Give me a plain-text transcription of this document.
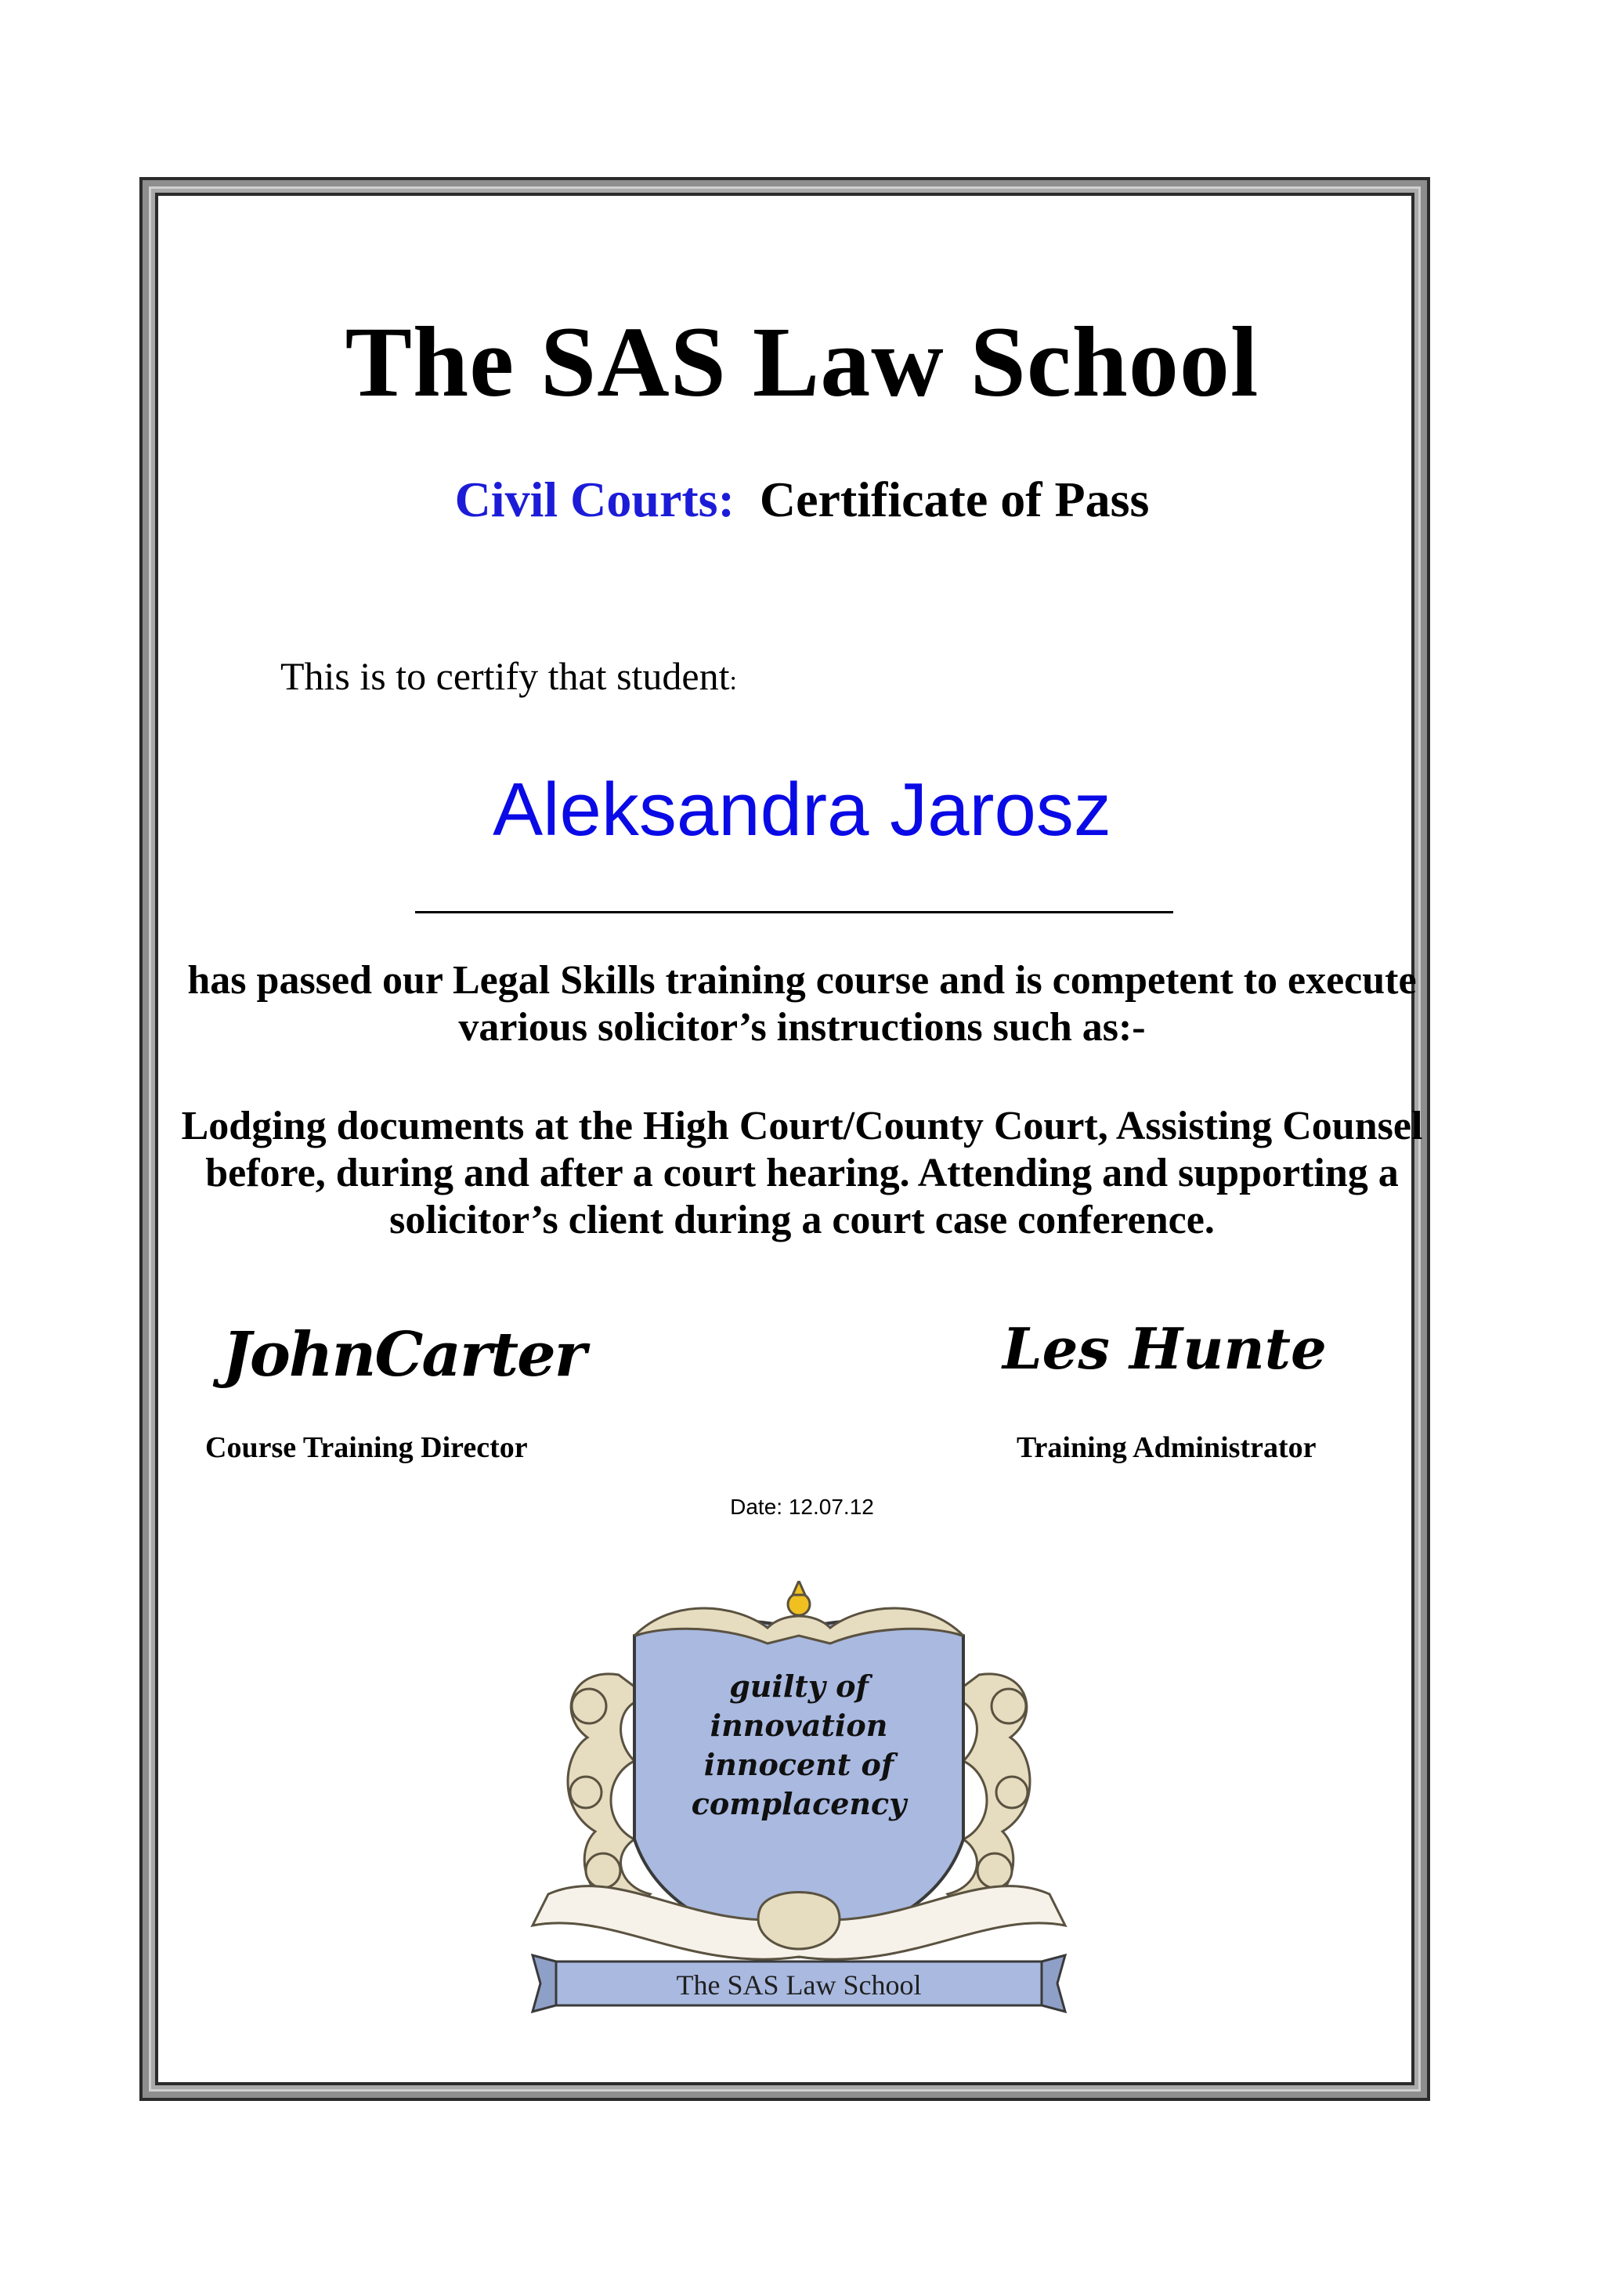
The SAS Law School
Civil Courts: Certificate of Pass
This is to certify that student:
Aleksandra Jarosz
has passed our Legal Skills training course and is competent to execute various solicitor’s instructions such as:-
Lodging documents at the High Court/County Court, Assisting Counsel before, during and after a court hearing. Attending and supporting a solicitor’s client during a court case conference.
JohnCarter	Les Hunte
Course Training Director	Training Administrator
Date: 12.07.12
guilty of
innovation
innocent of
complacency
The SAS Law School
